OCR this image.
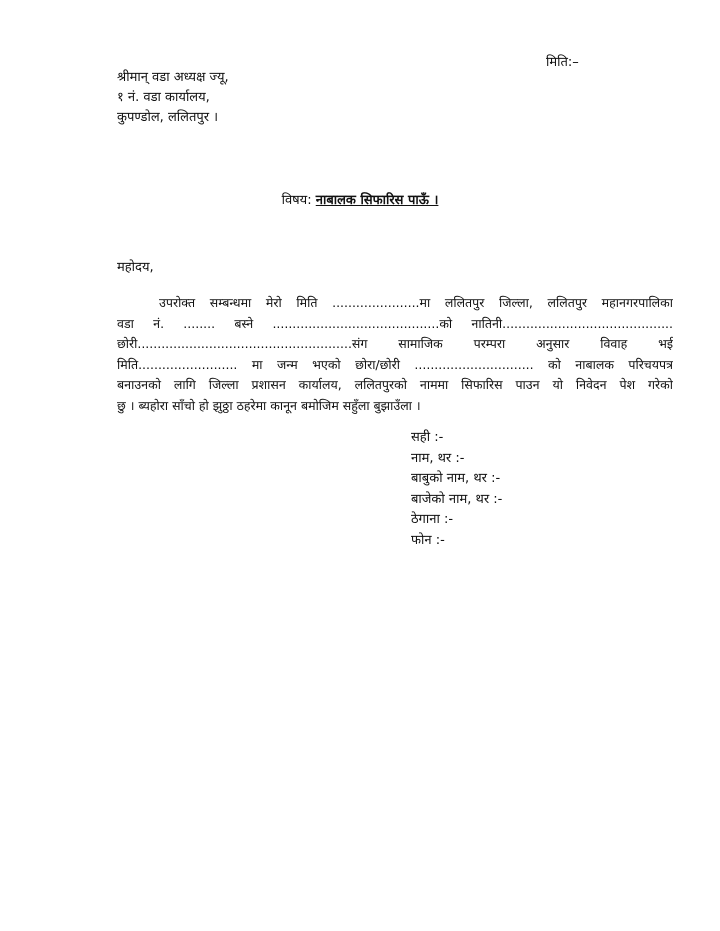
मिति:–
श्रीमान् वडा अध्यक्ष ज्यू,
१ नं. वडा कार्यालय,
कुपण्डोल, ललितपुर ।
विषय: नाबालक सिफारिस पाऊँ ।
महोदय,
उपरोक्त सम्बन्धमा मेरो मिति ......................मा ललितपुर जिल्ला, ललितपुर महानगरपालिका
वडा नं. ........ बस्ने ..........................................को नातिनी...........................................
छोरी......................................................संग सामाजिक परम्परा अनुसार विवाह भई
मिति......................... मा जन्म भएको छोरा/छोरी .............................. को नाबालक परिचयपत्र
बनाउनको लागि जिल्ला प्रशासन कार्यालय, ललितपुरको नाममा सिफारिस पाउन यो निवेदन पेश गरेको
छु । ब्यहोरा साँचो हो झुठ्ठा ठहरेमा कानून बमोजिम सहुँला बुझाउँला ।
सही :-
नाम, थर :-
बाबुको नाम, थर :-
बाजेको नाम, थर :-
ठेगाना :-
फोन :-
